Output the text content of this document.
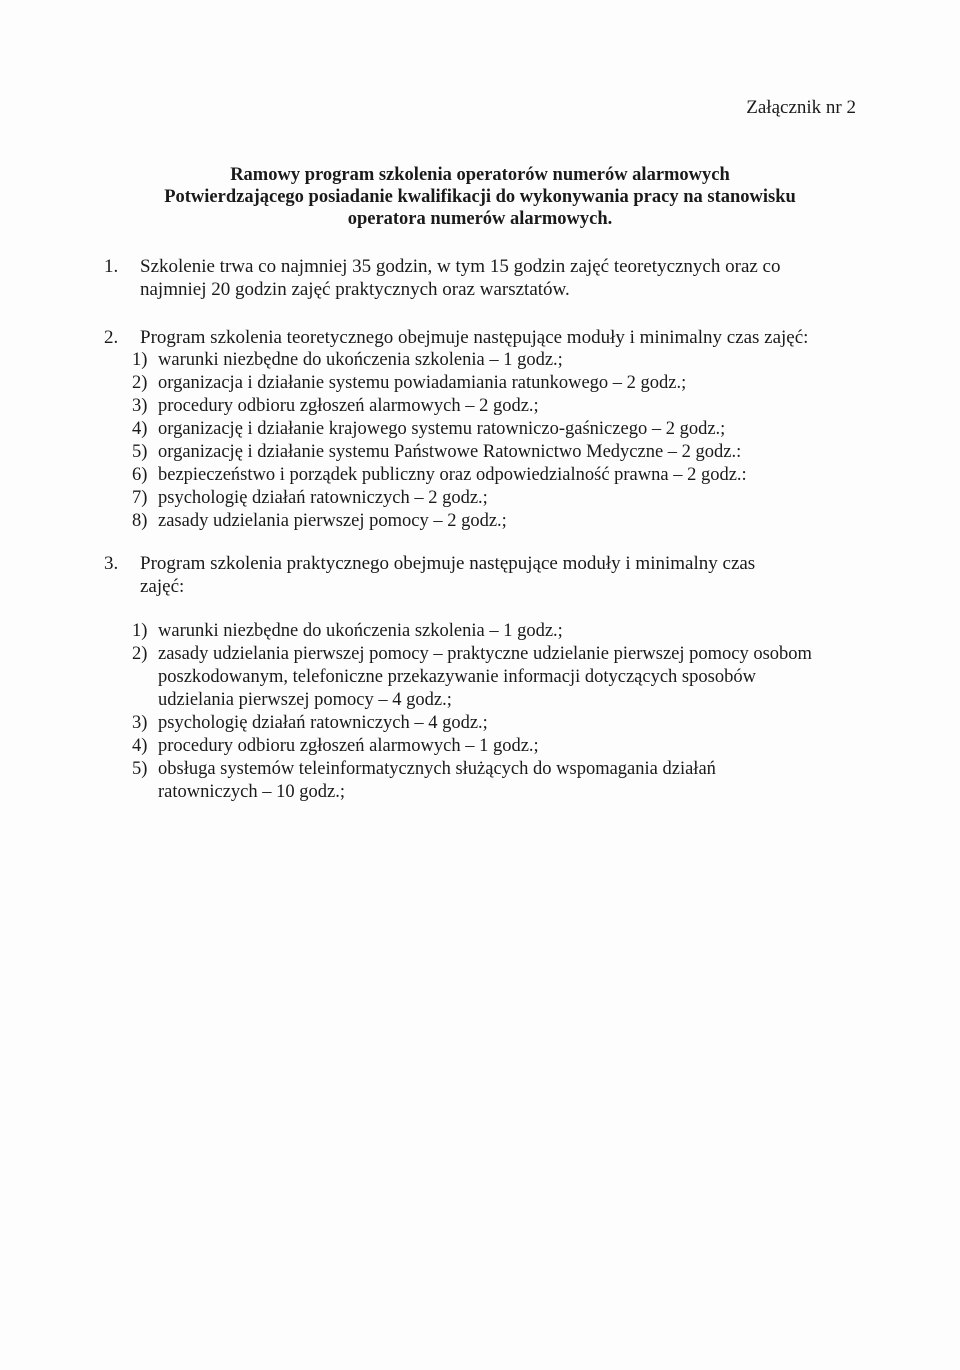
Załącznik nr 2
Ramowy program szkolenia operatorów numerów alarmowych
Potwierdzającego posiadanie kwalifikacji do wykonywania pracy na stanowisku
operatora numerów alarmowych.
1.	Szkolenie trwa co najmniej 35 godzin, w tym 15 godzin zajęć teoretycznych oraz co najmniej 20 godzin zajęć praktycznych oraz warsztatów.
2.	Program szkolenia teoretycznego obejmuje następujące moduły i minimalny czas zajęć:
1) warunki niezbędne do ukończenia szkolenia – 1 godz.;
2) organizacja i działanie systemu powiadamiania ratunkowego – 2 godz.;
3) procedury odbioru zgłoszeń alarmowych – 2 godz.;
4) organizację i działanie krajowego systemu ratowniczo-gaśniczego – 2 godz.;
5) organizację i działanie systemu Państwowe Ratownictwo Medyczne – 2 godz.:
6) bezpieczeństwo i porządek publiczny oraz odpowiedzialność prawna – 2 godz.:
7) psychologię działań ratowniczych – 2 godz.;
8) zasady udzielania pierwszej pomocy – 2 godz.;
3.	Program szkolenia praktycznego obejmuje następujące moduły i minimalny czas zajęć:
1) warunki niezbędne do ukończenia szkolenia – 1 godz.;
2) zasady udzielania pierwszej pomocy – praktyczne udzielanie pierwszej pomocy osobom poszkodowanym, telefoniczne przekazywanie informacji dotyczących sposobów udzielania pierwszej pomocy – 4 godz.;
3) psychologię działań ratowniczych – 4 godz.;
4) procedury odbioru zgłoszeń alarmowych – 1 godz.;
5) obsługa systemów teleinformatycznych służących do wspomagania działań ratowniczych – 10 godz.;
